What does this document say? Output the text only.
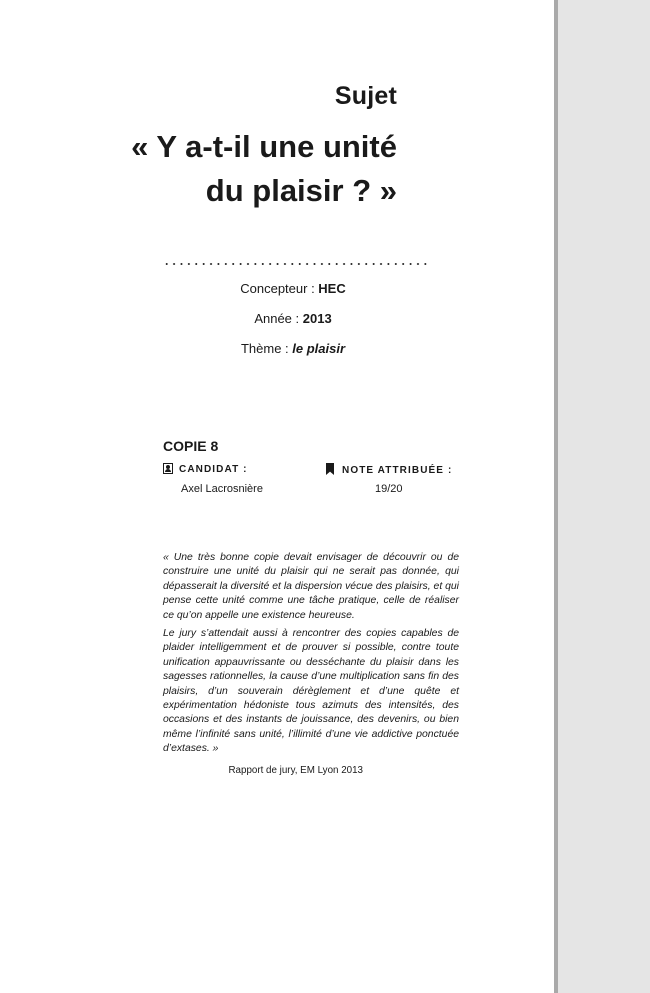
Sujet
« Y a-t-il une unité
du plaisir ? »
Concepteur : HEC
Année : 2013
Thème : le plaisir
COPIE 8
CANDIDAT :	NOTE ATTRIBUÉE :
Axel Lacrosnière	19/20

« Une très bonne copie devait envisager de découvrir ou de construire une unité du plaisir qui ne serait pas donnée, qui dépasserait la diversité et la dispersion vécue des plaisirs, et qui pense cette unité comme une tâche pratique, celle de réaliser ce qu’on appelle une existence heureuse.

Le jury s’attendait aussi à rencontrer des copies capables de plaider intelligemment et de prouver si possible, contre toute unification appauvrissante ou desséchante du plaisir dans les sagesses rationnelles, la cause d’une multiplication sans fin des plaisirs, d’un souverain dérèglement et d’une quête et expérimentation hédoniste tous azimuts des intensités, des occasions et des instants de jouissance, des devenirs, ou bien même l’infinité sans unité, l’illimité d’une vie addictive ponctuée d’extases. »

Rapport de jury, EM Lyon 2013
